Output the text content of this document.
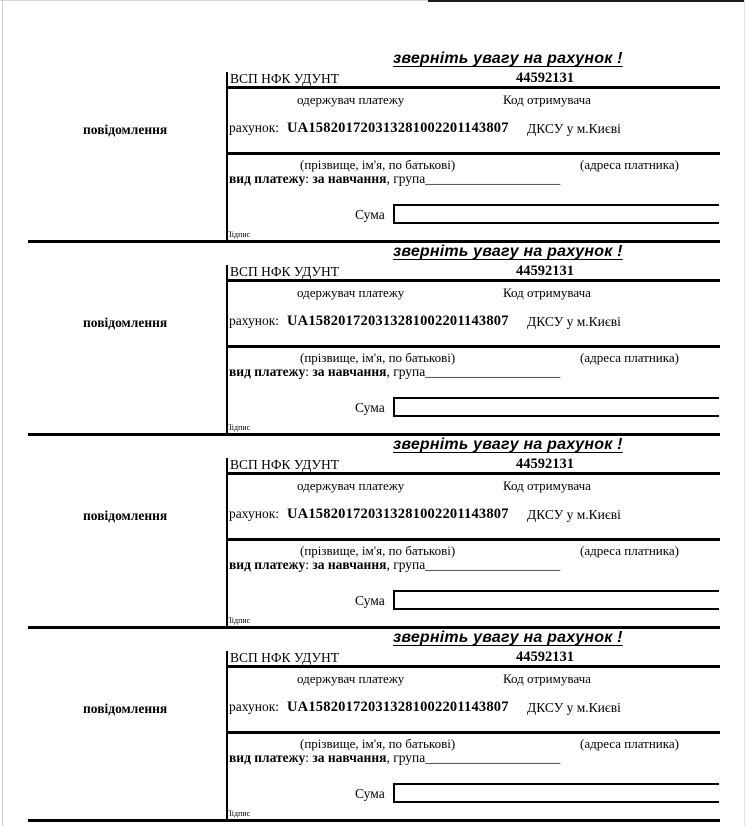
зверніть увагу на рахунок !
повідомлення
ВСП НФК УДУНТ	44592131
одержувач платежу	Код отримувача
рахунок: UA158201720313281002201143807 ДКСУ у м.Києві
(прізвище, ім'я, по батькові)	(адреса платника)
вид платежу: за навчання, група____________________
Сума
Підпис
зверніть увагу на рахунок !
повідомлення
ВСП НФК УДУНТ	44592131
одержувач платежу	Код отримувача
рахунок: UA158201720313281002201143807 ДКСУ у м.Києві
(прізвище, ім'я, по батькові)	(адреса платника)
вид платежу: за навчання, група____________________
Сума
Підпис
зверніть увагу на рахунок !
повідомлення
ВСП НФК УДУНТ	44592131
одержувач платежу	Код отримувача
рахунок: UA158201720313281002201143807 ДКСУ у м.Києві
(прізвище, ім'я, по батькові)	(адреса платника)
вид платежу: за навчання, група____________________
Сума
Підпис
зверніть увагу на рахунок !
повідомлення
ВСП НФК УДУНТ	44592131
одержувач платежу	Код отримувача
рахунок: UA158201720313281002201143807 ДКСУ у м.Києві
(прізвище, ім'я, по батькові)	(адреса платника)
вид платежу: за навчання, група____________________
Сума
Підпис
